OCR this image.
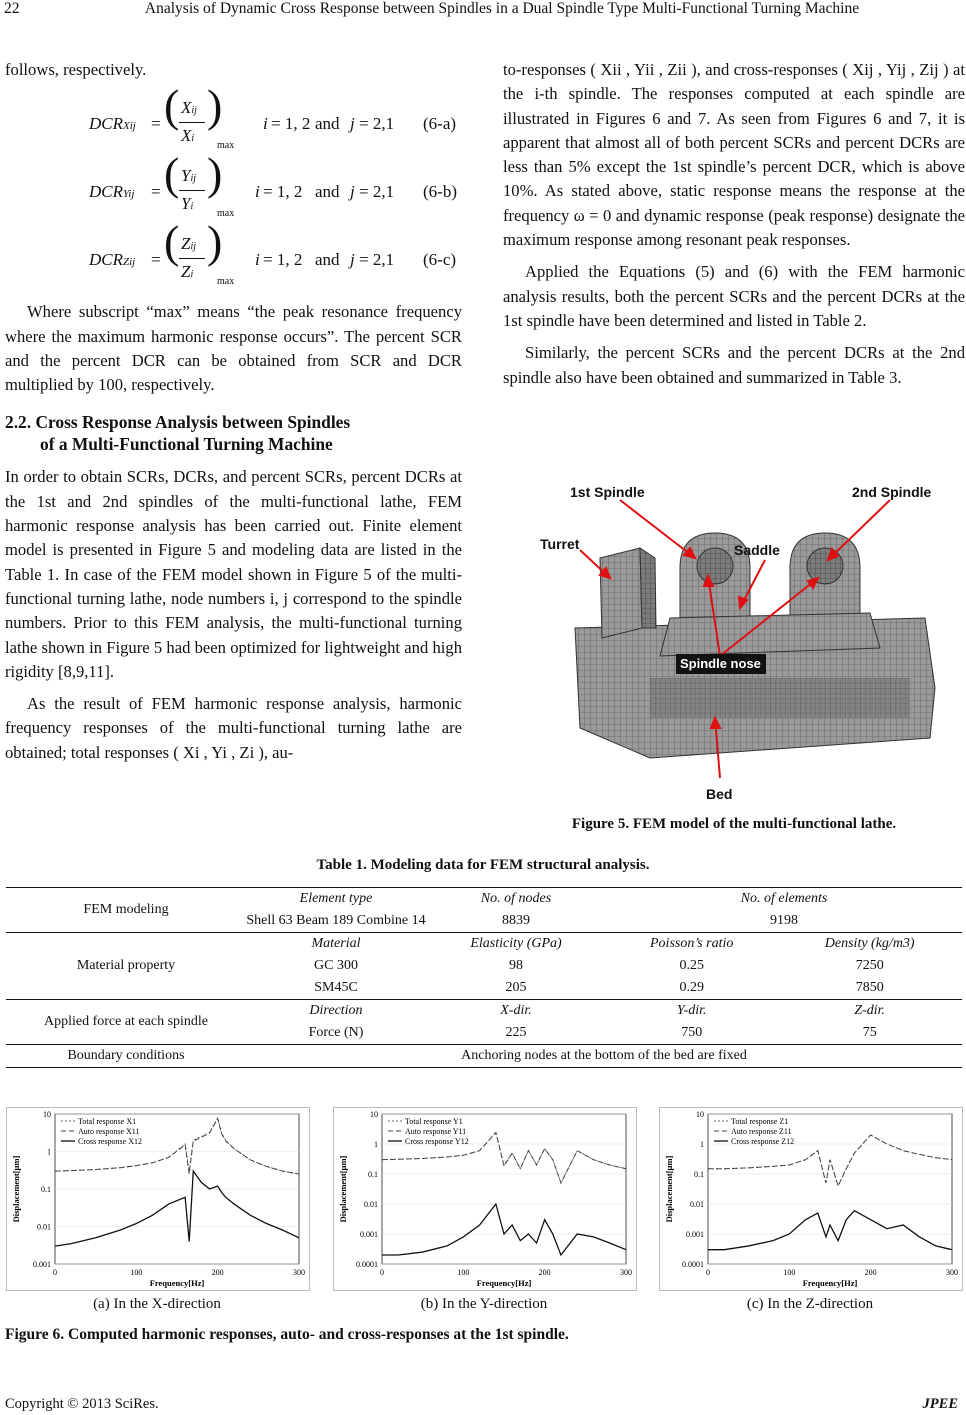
22	Analysis of Dynamic Cross Response between Spindles in a Dual Spindle Type Multi-Functional Turning Machine

follows, respectively.

DCRXij = ( Xij
Xi
)
max
i = 1, 2 and j = 2,1 (6-a)
DCRYij = ( Yij
Yi
)
max
i = 1, 2 and j = 2,1 (6-b)
DCRZij = ( Zij
Zi
)
max
i = 1, 2 and j = 2,1 (6-c)

Where subscript “max” means “the peak resonance frequency where the maximum harmonic response occurs”. The percent SCR and the percent DCR can be obtained from SCR and DCR multiplied by 100, respectively.

2.2. Cross Response Analysis between Spindles
of a Multi-Functional Turning Machine

In order to obtain SCRs, DCRs, and percent SCRs, percent DCRs at the 1st and 2nd spindles of the multi-functional lathe, FEM harmonic response analysis has been carried out. Finite element model is presented in Figure 5 and modeling data are listed in the Table 1. In case of the FEM model shown in Figure 5 of the multi-functional turning lathe, node numbers i, j correspond to the spindle numbers. Prior to this FEM analysis, the multi-functional turning lathe shown in Figure 5 had been optimized for lightweight and high rigidity [8,9,11].

As the result of FEM harmonic response analysis, harmonic frequency responses of the multi-functional turning lathe are obtained; total responses ( Xi , Yi , Zi ), au-

to-responses ( Xii , Yii , Zii ), and cross-responses ( Xij , Yij , Zij ) at the i-th spindle. The responses computed at each spindle are illustrated in Figures 6 and 7. As seen from Figures 6 and 7, it is apparent that almost all of both percent SCRs and percent DCRs are less than 5% except the 1st spindle’s percent DCR, which is above 10%. As stated above, static response means the response at the frequency ω = 0 and dynamic response (peak response) designate the maximum response among resonant peak responses.

Applied the Equations (5) and (6) with the FEM harmonic analysis results, both the percent SCRs and the percent DCRs at the 1st spindle have been determined and listed in Table 2.

Similarly, the percent SCRs and the percent DCRs at the 2nd spindle also have been obtained and summarized in Table 3.

1st Spindle	2nd Spindle
Turret	Saddle
Spindle nose
Bed
Figure 5. FEM model of the multi-functional lathe.
Table 1. Modeling data for FEM structural analysis.
FEM modeling	Element type	No. of nodes	No. of elements	
	Shell 63 Beam 189 Combine 14	8839	9198	
Material property	Material	Elasticity (GPa)	Poisson’s ratio	Density (kg/m3)
	GC 300	98	0.25	7250
	SM45C	205	0.29	7850
Applied force at each spindle	Direction	X-dir.	Y-dir.	Z-dir.
	Force (N)	225	750	75
Boundary conditions	Anchoring nodes at the bottom of the bed are fixed			
10
1
0.1
0.01
0.001
0	100	200	300
Frequency[Hz]
Displacement[µm]
Total response X1
Auto response X11
Cross response X12
10
1
0.1
0.01
0.001
0.0001
0	100	200	300
Frequency[Hz]
Displacement[µm]
Total response Y1
Auto response Y11
Cross response Y12
10
1
0.1
0.01
0.001
0.0001
0	100	200	300
Frequency[Hz]
Displacement[µm]
Total response Z1
Auto response Z11
Cross response Z12
(a) In the X-direction	(b) In the Y-direction	(c) In the Z-direction
Figure 6. Computed harmonic responses, auto- and cross-responses at the 1st spindle.
Copyright © 2013 SciRes.	JPEE
